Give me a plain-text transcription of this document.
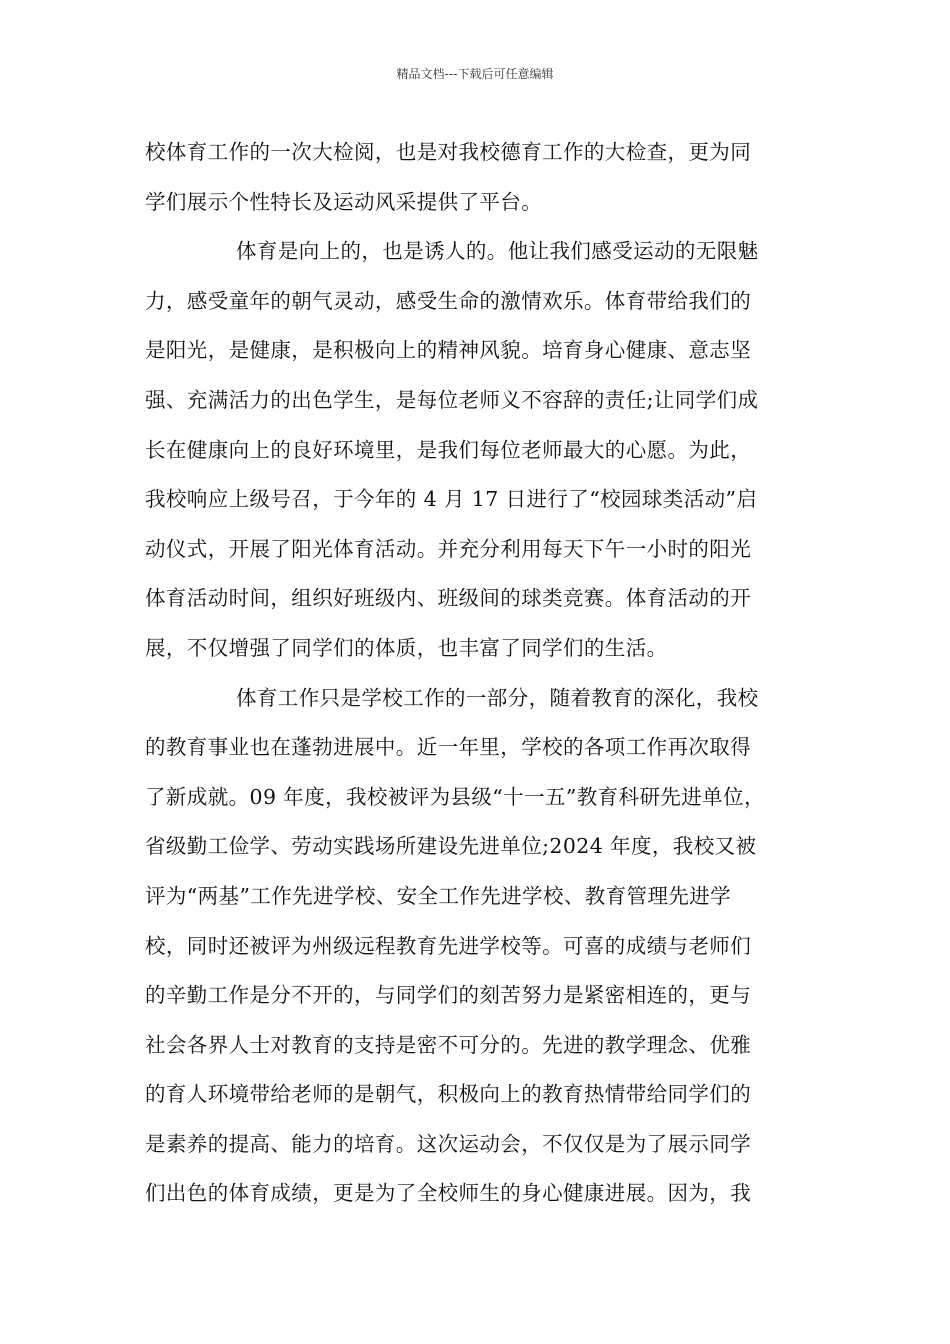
精品文档---下载后可任意编辑
校体育工作的一次大检阅，也是对我校德育工作的大检查，更为同
学们展示个性特长及运动风采提供了平台。
体育是向上的，也是诱人的。他让我们感受运动的无限魅
力，感受童年的朝气灵动，感受生命的激情欢乐。体育带给我们的
是阳光，是健康，是积极向上的精神风貌。培育身心健康、意志坚
强、充满活力的出色学生，是每位老师义不容辞的责任;让同学们成
长在健康向上的良好环境里，是我们每位老师最大的心愿。为此，
我校响应上级号召，于今年的 4 月 17 日进行了“校园球类活动”启
动仪式，开展了阳光体育活动。并充分利用每天下午一小时的阳光
体育活动时间，组织好班级内、班级间的球类竞赛。体育活动的开
展，不仅增强了同学们的体质，也丰富了同学们的生活。
体育工作只是学校工作的一部分，随着教育的深化，我校
的教育事业也在蓬勃进展中。近一年里，学校的各项工作再次取得
了新成就。09 年度，我校被评为县级“十一五”教育科研先进单位，
省级勤工俭学、劳动实践场所建设先进单位;2024 年度，我校又被
评为“两基”工作先进学校、安全工作先进学校、教育管理先进学
校，同时还被评为州级远程教育先进学校等。可喜的成绩与老师们
的辛勤工作是分不开的，与同学们的刻苦努力是紧密相连的，更与
社会各界人士对教育的支持是密不可分的。先进的教学理念、优雅
的育人环境带给老师的是朝气，积极向上的教育热情带给同学们的
是素养的提高、能力的培育。这次运动会，不仅仅是为了展示同学
们出色的体育成绩，更是为了全校师生的身心健康进展。因为，我
